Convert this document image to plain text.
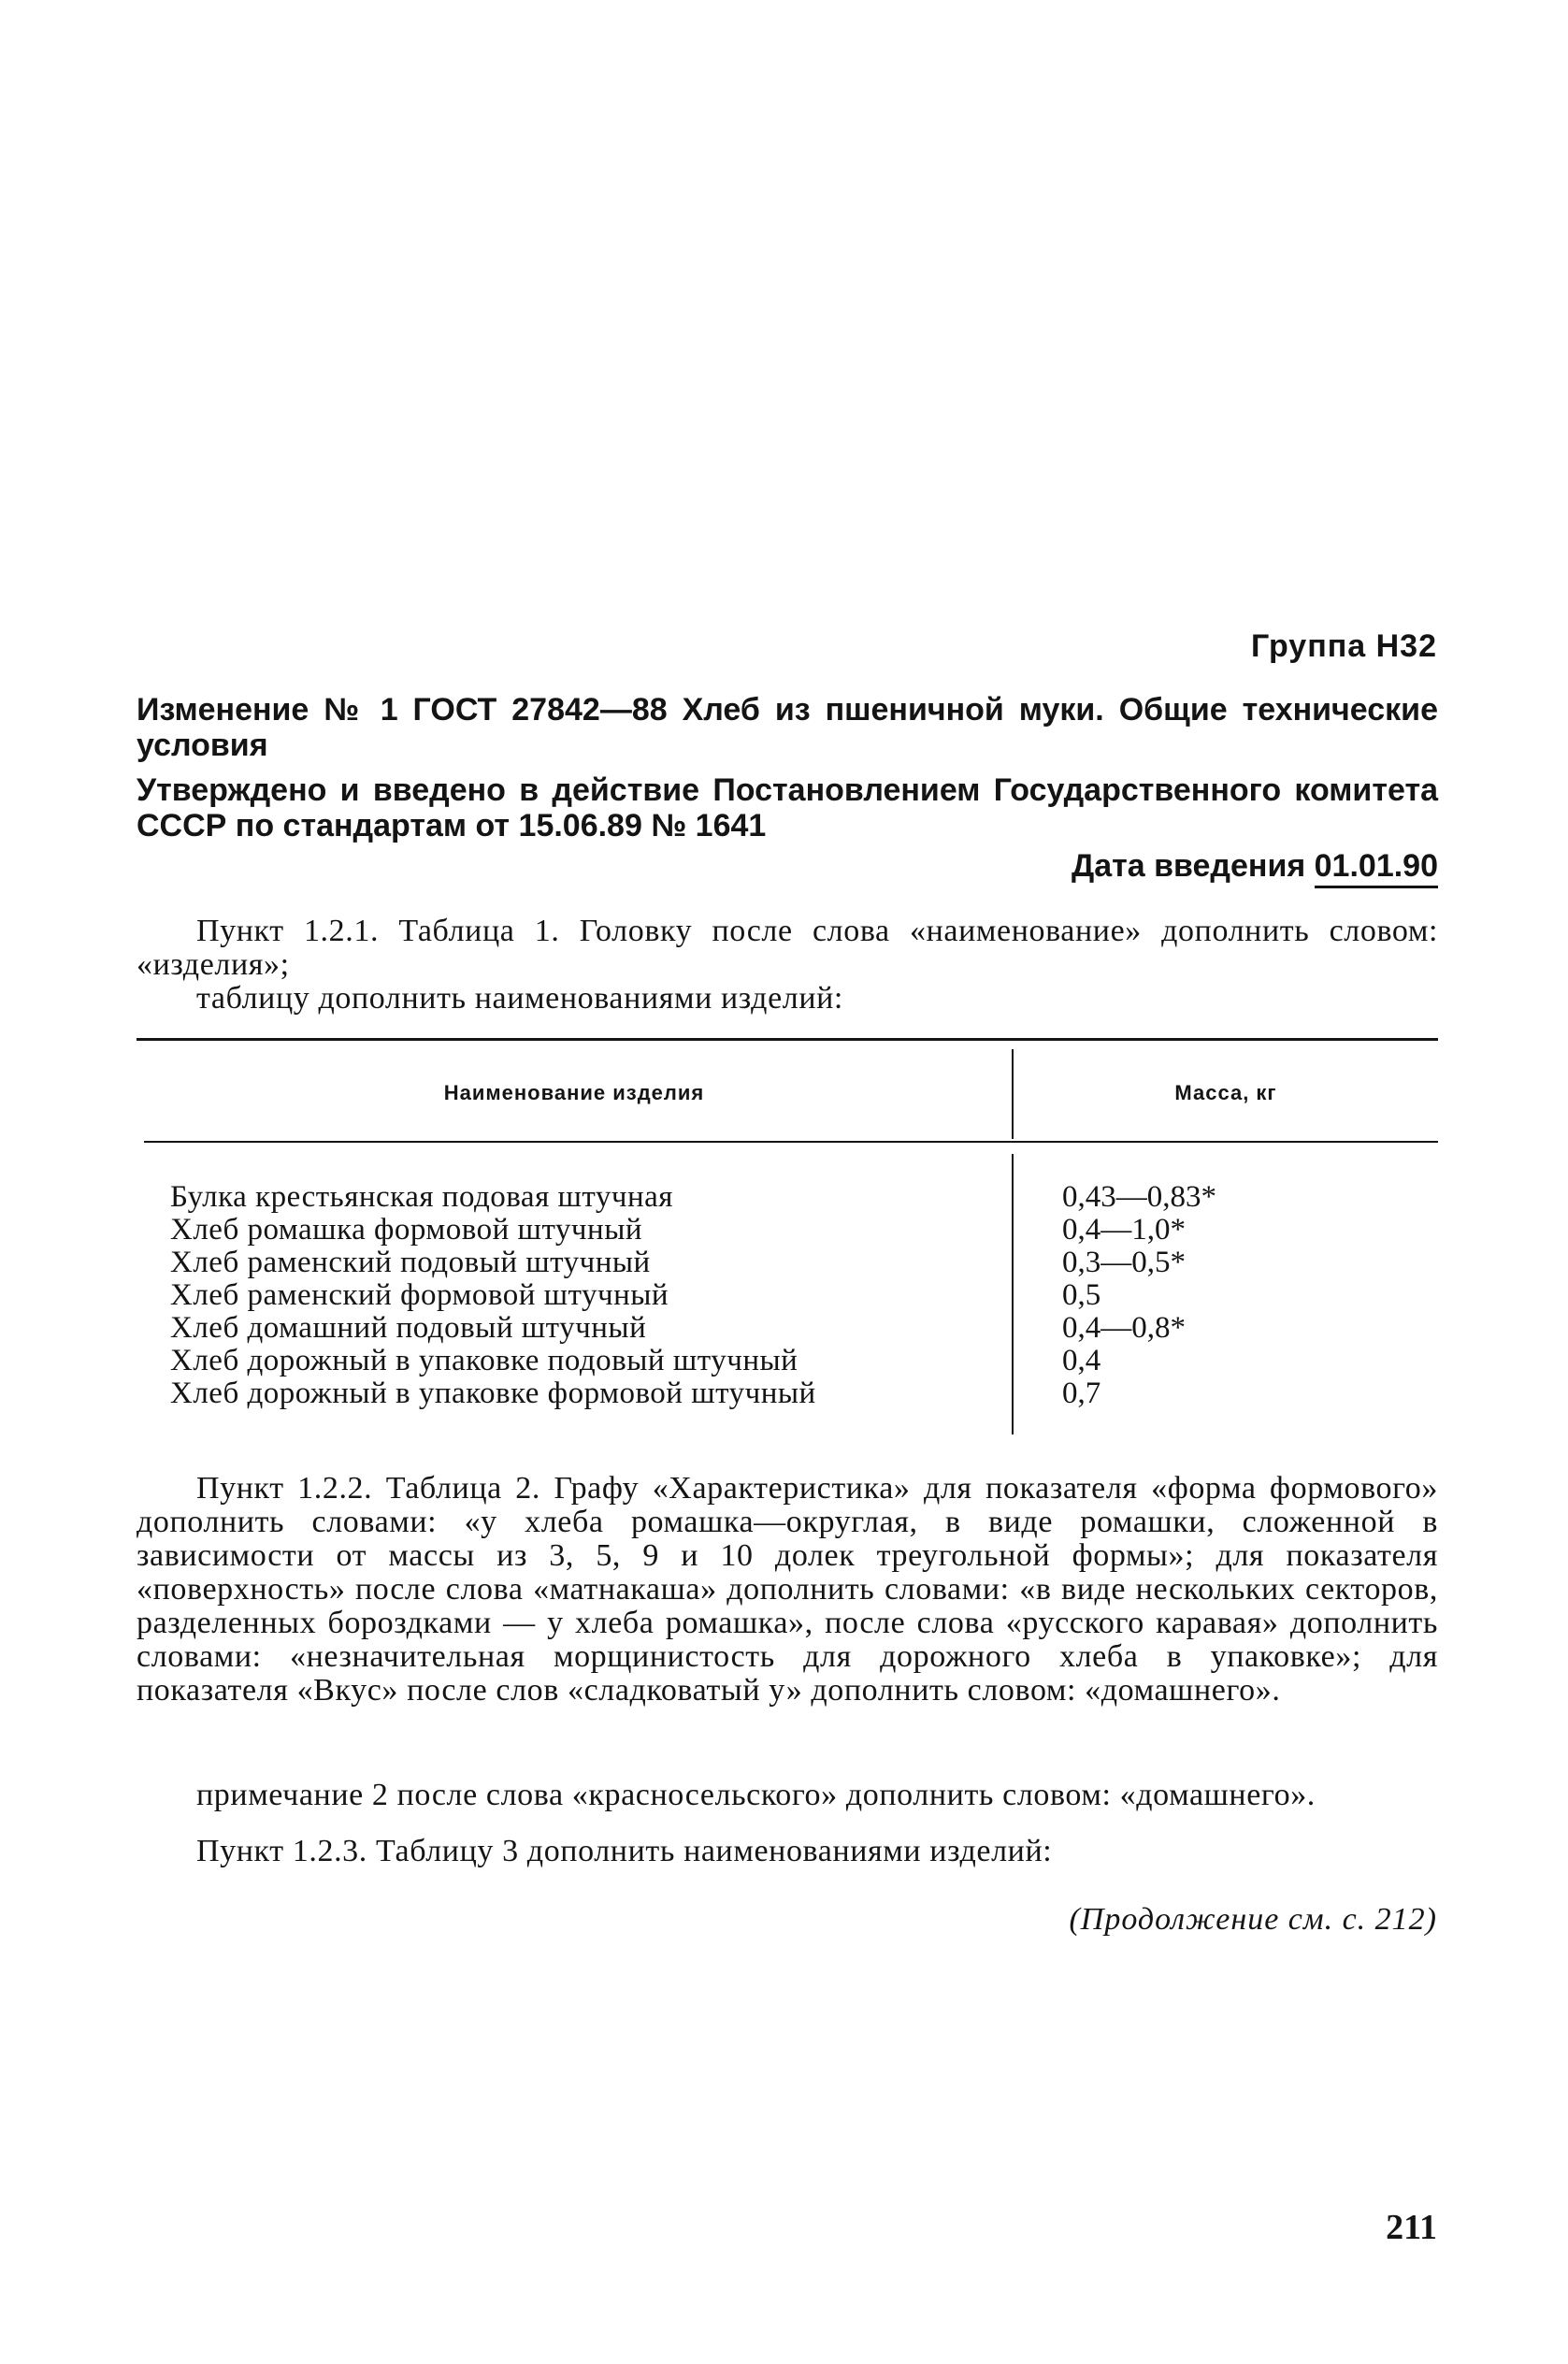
Группа Н32

Изменение № 1 ГОСТ 27842—88 Хлеб из пшеничной муки. Общие технические условия

Утверждено и введено в действие Постановлением Государственного комитета СССР по стандартам от 15.06.89 № 1641

Дата введения 01.01.90

Пункт 1.2.1. Таблица 1. Головку после слова «наименование» дополнить словом: «изделия»;

таблицу дополнить наименованиями изделий:

Наименование изделия	Масса, кг
Булка крестьянская подовая штучная	0,43—0,83*
Хлеб ромашка формовой штучный	0,4—1,0*
Хлеб раменский подовый штучный	0,3—0,5*
Хлеб раменский формовой штучный	0,5
Хлеб домашний подовый штучный	0,4—0,8*
Хлеб дорожный в упаковке подовый штучный	0,4
Хлеб дорожный в упаковке формовой штучный	0,7

Пункт 1.2.2. Таблица 2. Графу «Характеристика» для показателя «форма формового» дополнить словами: «у хлеба ромашка—округлая, в виде ромашки, сложенной в зависимости от массы из 3, 5, 9 и 10 долек треугольной формы»; для показателя «поверхность» после слова «матнакаша» дополнить словами: «в виде нескольких секторов, разделенных бороздками — у хлеба ромашка», после слова «русского каравая» дополнить словами: «незначительная морщинистость для дорожного хлеба в упаковке»; для показателя «Вкус» после слов «сладковатый у» дополнить словом: «домашнего».

примечание 2 после слова «красносельского» дополнить словом: «домашнего».

Пункт 1.2.3. Таблицу 3 дополнить наименованиями изделий:

(Продолжение см. с. 212)
211
